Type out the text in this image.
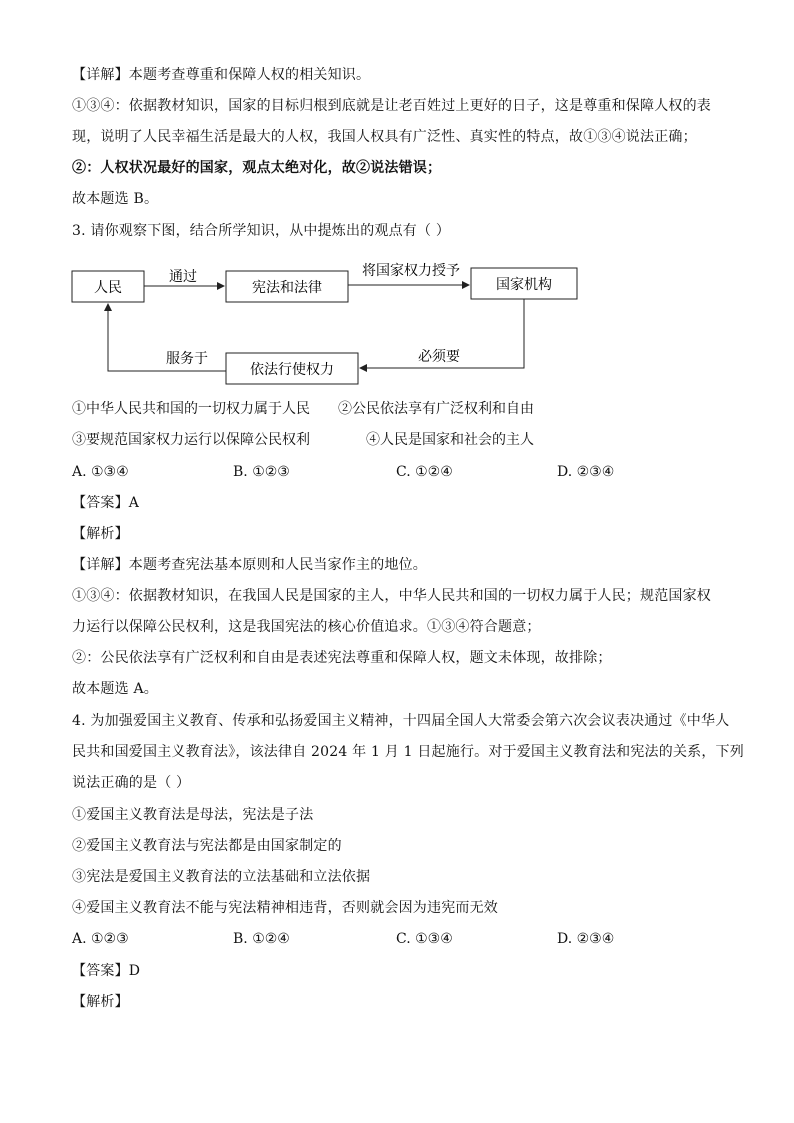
【详解】本题考查尊重和保障人权的相关知识。
①③④：依据教材知识，国家的目标归根到底就是让老百姓过上更好的日子，这是尊重和保障人权的表
现，说明了人民幸福生活是最大的人权，我国人权具有广泛性、真实性的特点，故①③④说法正确；
②：人权状况最好的国家，观点太绝对化，故②说法错误；
故本题选 B。
3. 请你观察下图，结合所学知识，从中提炼出的观点有（ ）
人民	宪法和法律	国家机构
依法行使权力
通过	将国家权力授予
必须要
服务于
①中华人民共和国的一切权力属于人民 ②公民依法享有广泛权利和自由
③要规范国家权力运行以保障公民权利	④人民是国家和社会的主人
A. ①③④	B. ①②③	C. ①②④	D. ②③④
【答案】A
【解析】
【详解】本题考查宪法基本原则和人民当家作主的地位。
①③④：依据教材知识，在我国人民是国家的主人，中华人民共和国的一切权力属于人民；规范国家权
力运行以保障公民权利，这是我国宪法的核心价值追求。①③④符合题意；
②：公民依法享有广泛权利和自由是表述宪法尊重和保障人权，题文未体现，故排除；
故本题选 A。
4. 为加强爱国主义教育、传承和弘扬爱国主义精神，十四届全国人大常委会第六次会议表决通过《中华人
民共和国爱国主义教育法》，该法律自 2024 年 1 月 1 日起施行。对于爱国主义教育法和宪法的关系，下列
说法正确的是（ ）
①爱国主义教育法是母法，宪法是子法
②爱国主义教育法与宪法都是由国家制定的
③宪法是爱国主义教育法的立法基础和立法依据
④爱国主义教育法不能与宪法精神相违背，否则就会因为违宪而无效
A. ①②③	B. ①②④	C. ①③④	D. ②③④
【答案】D
【解析】
